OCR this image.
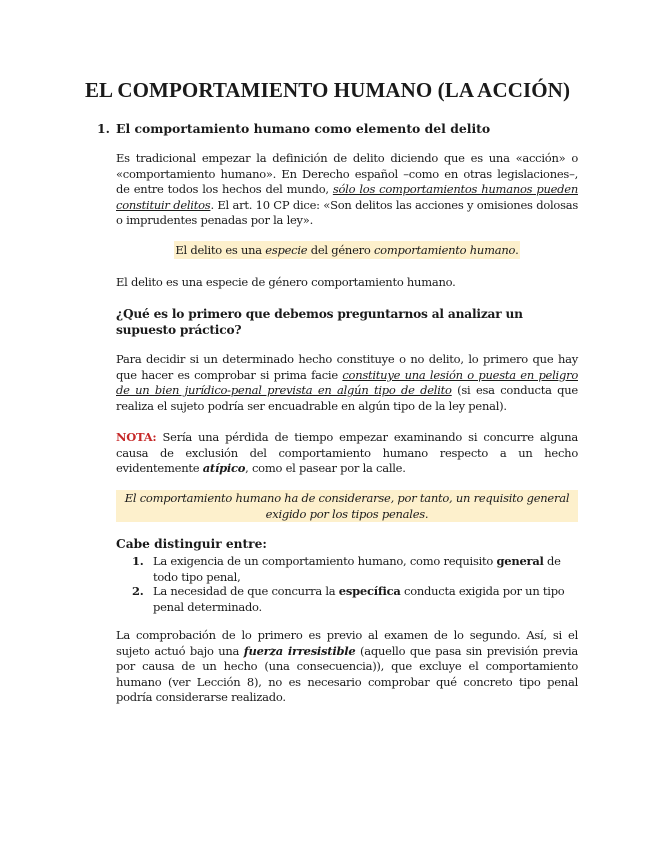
EL COMPORTAMIENTO HUMANO (LA ACCIÓN)
1. El comportamiento humano como elemento del delito
Es tradicional empezar la definición de delito diciendo que es una «acción» o «comportamiento humano». En Derecho español –como en otras legislaciones–, de entre todos los hechos del mundo, sólo los comportamientos humanos pueden constituir delitos. El art. 10 CP dice: «Son delitos las acciones y omisiones dolosas o imprudentes penadas por la ley».
El delito es una especie del género comportamiento humano.
El delito es una especie de género comportamiento humano.
¿Qué es lo primero que debemos preguntarnos al analizar un supuesto práctico?
Para decidir si un determinado hecho constituye o no delito, lo primero que hay que hacer es comprobar si prima facie constituye una lesión o puesta en peligro de un bien jurídico-penal prevista en algún tipo de delito (si esa conducta que realiza el sujeto podría ser encuadrable en algún tipo de la ley penal).
NOTA: Sería una pérdida de tiempo empezar examinando si concurre alguna causa de exclusión del comportamiento humano respecto a un hecho evidentemente atípico, como el pasear por la calle.
El comportamiento humano ha de considerarse, por tanto, un requisito general exigido por los tipos penales.
Cabe distinguir entre:
1. La exigencia de un comportamiento humano, como requisito general de todo tipo penal,
2. La necesidad de que concurra la específica conducta exigida por un tipo penal determinado.
La comprobación de lo primero es previo al examen de lo segundo. Así, si el sujeto actuó bajo una fuerza irresistible (aquello que pasa sin previsión previa por causa de un hecho (una consecuencia)), que excluye el comportamiento humano (ver Lección 8), no es necesario comprobar qué concreto tipo penal podría considerarse realizado.
